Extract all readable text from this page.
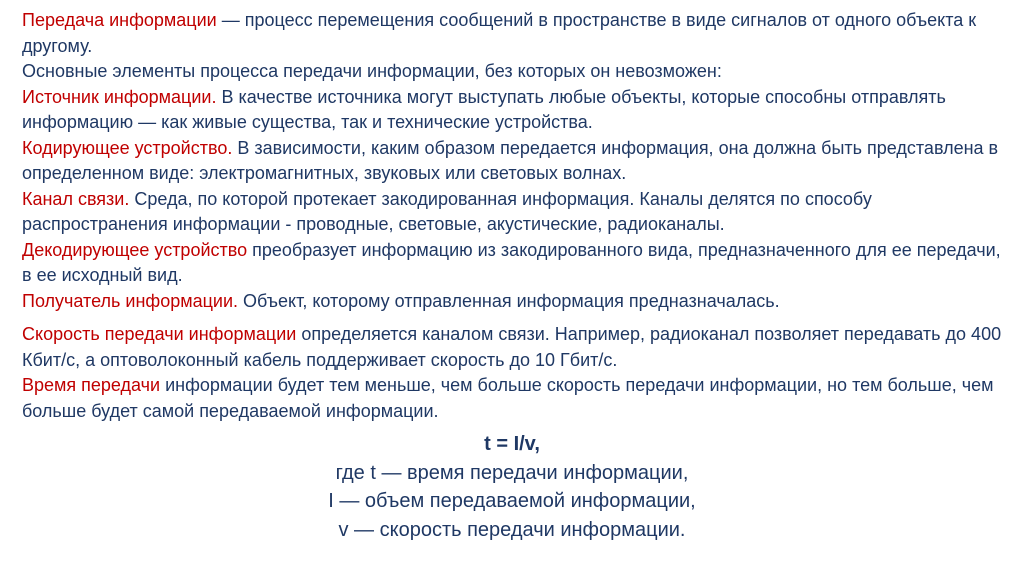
Передача информации — процесс перемещения сообщений в пространстве в виде сигналов от одного объекта к другому.

Основные элементы процесса передачи информации, без которых он невозможен:

Источник информации. В качестве источника могут выступать любые объекты, которые способны отправлять информацию — как живые существа, так и технические устройства.

Кодирующее устройство. В зависимости, каким образом передается информация, она должна быть представлена в определенном виде: электромагнитных, звуковых или световых волнах.

Канал связи. Среда, по которой протекает закодированная информация. Каналы делятся по способу распространения информации - проводные, световые, акустические, радиоканалы.

Декодирующее устройство преобразует информацию из закодированного вида, предназначенного для ее передачи, в ее исходный вид.

Получатель информации. Объект, которому отправленная информация предназначалась.

Скорость передачи информации определяется каналом связи. Например, радиоканал позволяет передавать до 400 Кбит/с, а оптоволоконный кабель поддерживает скорость до 10 Гбит/с.

Время передачи информации будет тем меньше, чем больше скорость передачи информации, но тем больше, чем больше будет самой передаваемой информации.

t = I/v,
где t — время передачи информации,
I — объем передаваемой информации,
v — скорость передачи информации.
